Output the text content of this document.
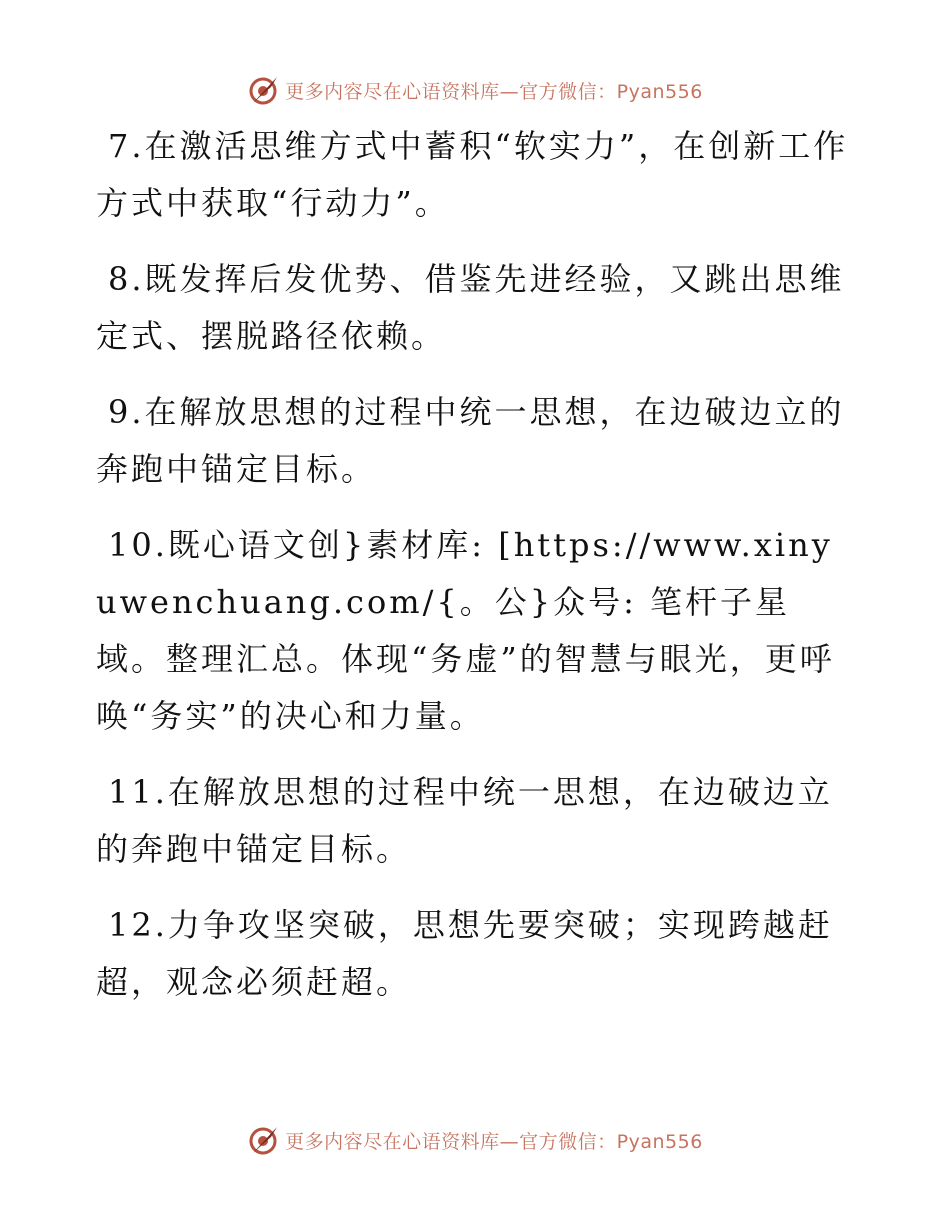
更多内容尽在心语资料库—官方微信：Pyan556

7.在激活思维方式中蓄积“软实力”，在创新工作方式中获取“行动力”。

8.既发挥后发优势、借鉴先进经验，又跳出思维定式、摆脱路径依赖。

9.在解放思想的过程中统一思想，在边破边立的奔跑中锚定目标。

10.既心语文创}素材库: [https://www.xinyuwenchuang.com/{。公}众号: 笔杆子星域。整理汇总。体现“务虚”的智慧与眼光，更呼唤“务实”的决心和力量。

11.在解放思想的过程中统一思想，在边破边立的奔跑中锚定目标。

12.力争攻坚突破，思想先要突破；实现跨越赶超，观念必须赶超。

更多内容尽在心语资料库—官方微信：Pyan556
